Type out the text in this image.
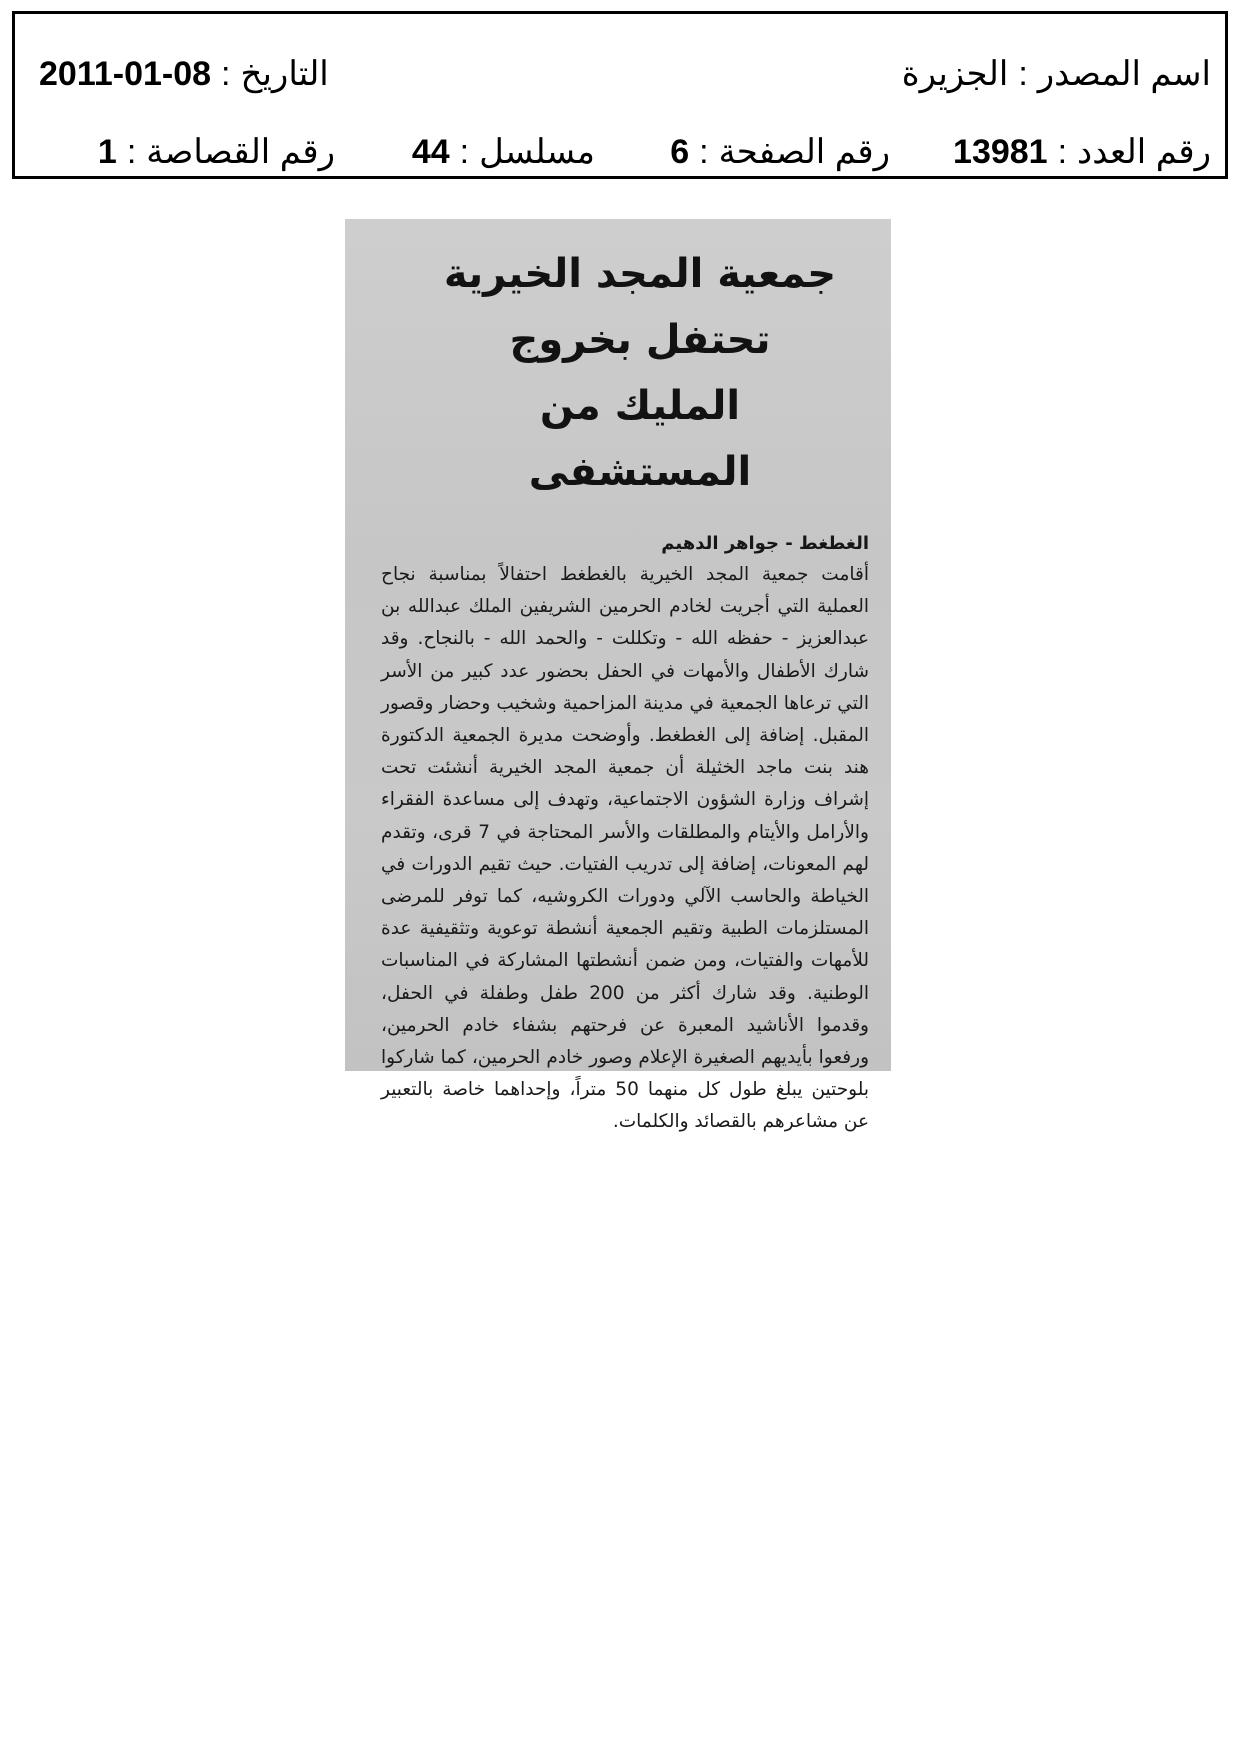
اسم المصدر:الجزيرة
التاريخ:2011-01-08
رقم العدد:13981
رقم الصفحة:6
مسلسل:44
رقم القصاصة:1
جمعية المجد الخيرية تحتفل بخروج المليك من المستشفى
الغطغط - جواهر الدهيم

أقامت جمعية المجد الخيرية بالغطغط احتفالاً بمناسبة نجاح العملية التي أجريت لخادم الحرمين الشريفين الملك عبدالله بن عبدالعزيز - حفظه الله - وتكللت - والحمد الله - بالنجاح. وقد شارك الأطفال والأمهات في الحفل بحضور عدد كبير من الأسر التي ترعاها الجمعية في مدينة المزاحمية وشخيب وحضار وقصور المقبل. إضافة إلى الغطغط. وأوضحت مديرة الجمعية الدكتورة هند بنت ماجد الخثيلة أن جمعية المجد الخيرية أنشئت تحت إشراف وزارة الشؤون الاجتماعية، وتهدف إلى مساعدة الفقراء والأرامل والأيتام والمطلقات والأسر المحتاجة في 7 قرى، وتقدم لهم المعونات، إضافة إلى تدريب الفتيات. حيث تقيم الدورات في الخياطة والحاسب الآلي ودورات الكروشيه، كما توفر للمرضى المستلزمات الطبية وتقيم الجمعية أنشطة توعوية وتثقيفية عدة للأمهات والفتيات، ومن ضمن أنشطتها المشاركة في المناسبات الوطنية. وقد شارك أكثر من 200 طفل وطفلة في الحفل، وقدموا الأناشيد المعبرة عن فرحتهم بشفاء خادم الحرمين، ورفعوا بأيديهم الصغيرة الإعلام وصور خادم الحرمين، كما شاركوا بلوحتين يبلغ طول كل منهما 50 متراً، وإحداهما خاصة بالتعبير عن مشاعرهم بالقصائد والكلمات.
